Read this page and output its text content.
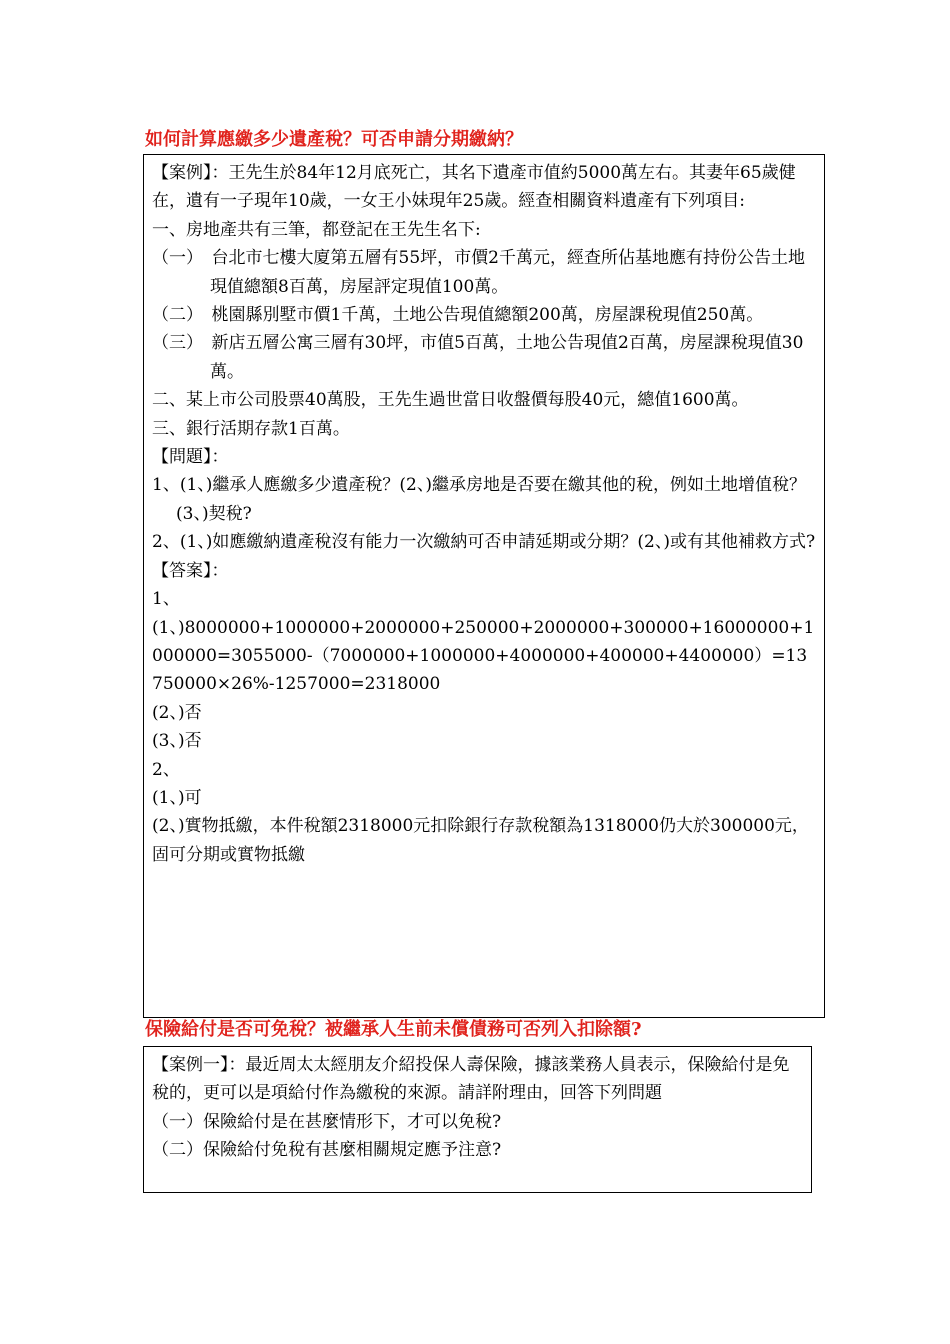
如何計算應繳多少遺產稅？可否申請分期繳納？

【案例】：王先生於84年12月底死亡，其名下遺產市值約5000萬左右。其妻年65歲健在，遺有一子現年10歲，一女王小妹現年25歲。經查相關資料遺產有下列項目:

一、房地產共有三筆，都登記在王先生名下:

（一）　台北市七樓大廈第五層有55坪，市價2千萬元，經查所佔基地應有持份公告土地現值總額8百萬，房屋評定現值100萬。

（二）　桃園縣別墅市價1千萬，土地公告現值總額200萬，房屋課稅現值250萬。

（三）　新店五層公寓三層有30坪，市值5百萬，土地公告現值2百萬，房屋課稅現值30萬。

二、某上市公司股票40萬股，王先生過世當日收盤價每股40元，總值1600萬。

三、銀行活期存款1百萬。

【問題】：

1、(1、)繼承人應繳多少遺產稅？(2、)繼承房地是否要在繳其他的稅，例如土地增值稅？(3、)契稅?

2、(1、)如應繳納遺產稅沒有能力一次繳納可否申請延期或分期？(2、)或有其他補救方式?

【答案】：

1、

(1、)8000000+1000000+2000000+250000+2000000+300000+16000000+1000000=3055000-（7000000+1000000+4000000+400000+4400000）=13750000×26%-1257000=2318000

(2、)否

(3、)否

2、

(1、)可

(2、)實物抵繳，本件稅額2318000元扣除銀行存款稅額為1318000仍大於300000元，固可分期或實物抵繳

保險給付是否可免稅？被繼承人生前未償債務可否列入扣除額?

【案例一】：最近周太太經朋友介紹投保人壽保險，據該業務人員表示，保險給付是免稅的，更可以是項給付作為繳稅的來源。請詳附理由，回答下列問題

（一）保險給付是在甚麼情形下，才可以免稅?

（二）保險給付免稅有甚麼相關規定應予注意?
